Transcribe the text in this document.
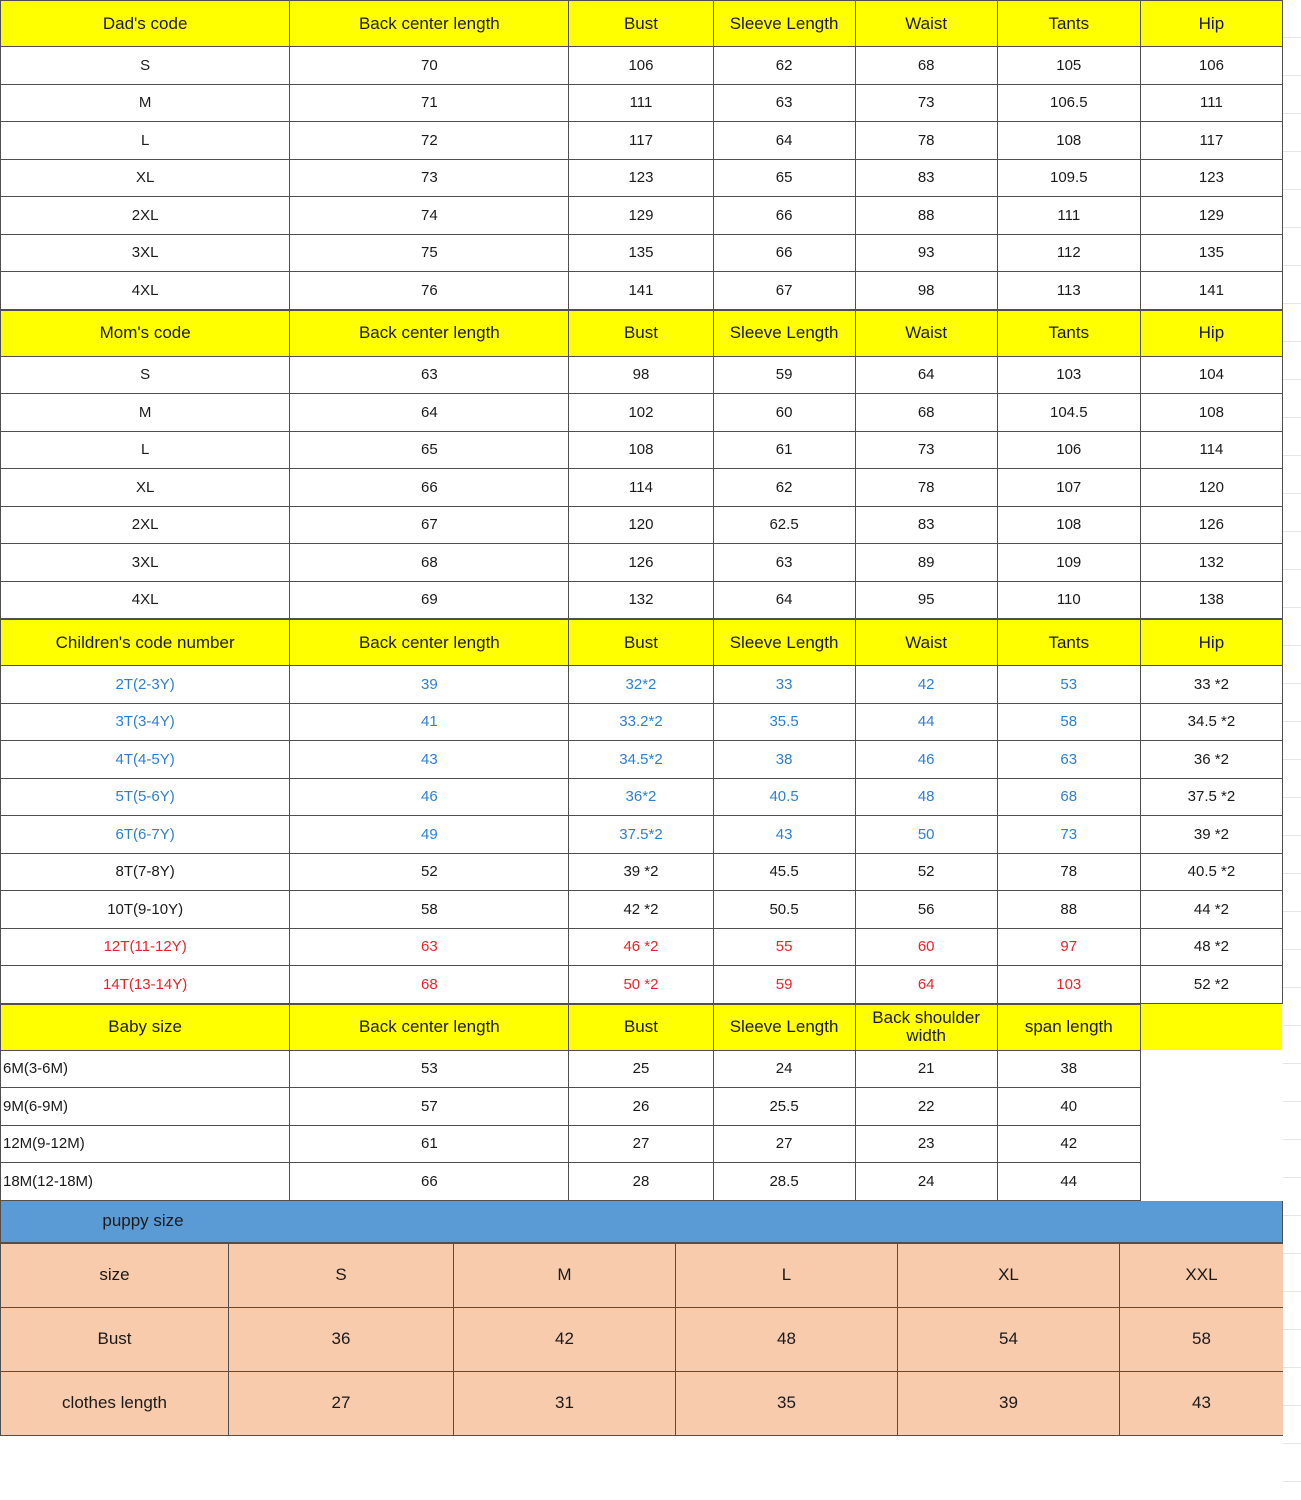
Dad's code	Back center length	Bust	Sleeve Length	Waist	Tants	Hip
S	70	106	62	68	105	106
M	71	111	63	73	106.5	111
L	72	117	64	78	108	117
XL	73	123	65	83	109.5	123
2XL	74	129	66	88	111	129
3XL	75	135	66	93	112	135
4XL	76	141	67	98	113	141
Mom's code	Back center length	Bust	Sleeve Length	Waist	Tants	Hip
S	63	98	59	64	103	104
M	64	102	60	68	104.5	108
L	65	108	61	73	106	114
XL	66	114	62	78	107	120
2XL	67	120	62.5	83	108	126
3XL	68	126	63	89	109	132
4XL	69	132	64	95	110	138
Children's code number	Back center length	Bust	Sleeve Length	Waist	Tants	Hip
2T(2-3Y)	39	32*2	33	42	53	33 *2
3T(3-4Y)	41	33.2*2	35.5	44	58	34.5 *2
4T(4-5Y)	43	34.5*2	38	46	63	36 *2
5T(5-6Y)	46	36*2	40.5	48	68	37.5 *2
6T(6-7Y)	49	37.5*2	43	50	73	39 *2
8T(7-8Y)	52	39 *2	45.5	52	78	40.5 *2
10T(9-10Y)	58	42 *2	50.5	56	88	44 *2
12T(11-12Y)	63	46 *2	55	60	97	48 *2
14T(13-14Y)	68	50 *2	59	64	103	52 *2
Baby size	Back center length	Bust	Sleeve Length	Back shoulder width	span length	
6M(3-6M)	53	25	24	21	38	
9M(6-9M)	57	26	25.5	22	40	
12M(9-12M)	61	27	27	23	42	
18M(12-18M)	66	28	28.5	24	44	
puppy size
size	S	M	L	XL	XXL
Bust	36	42	48	54	58
clothes length	27	31	35	39	43
